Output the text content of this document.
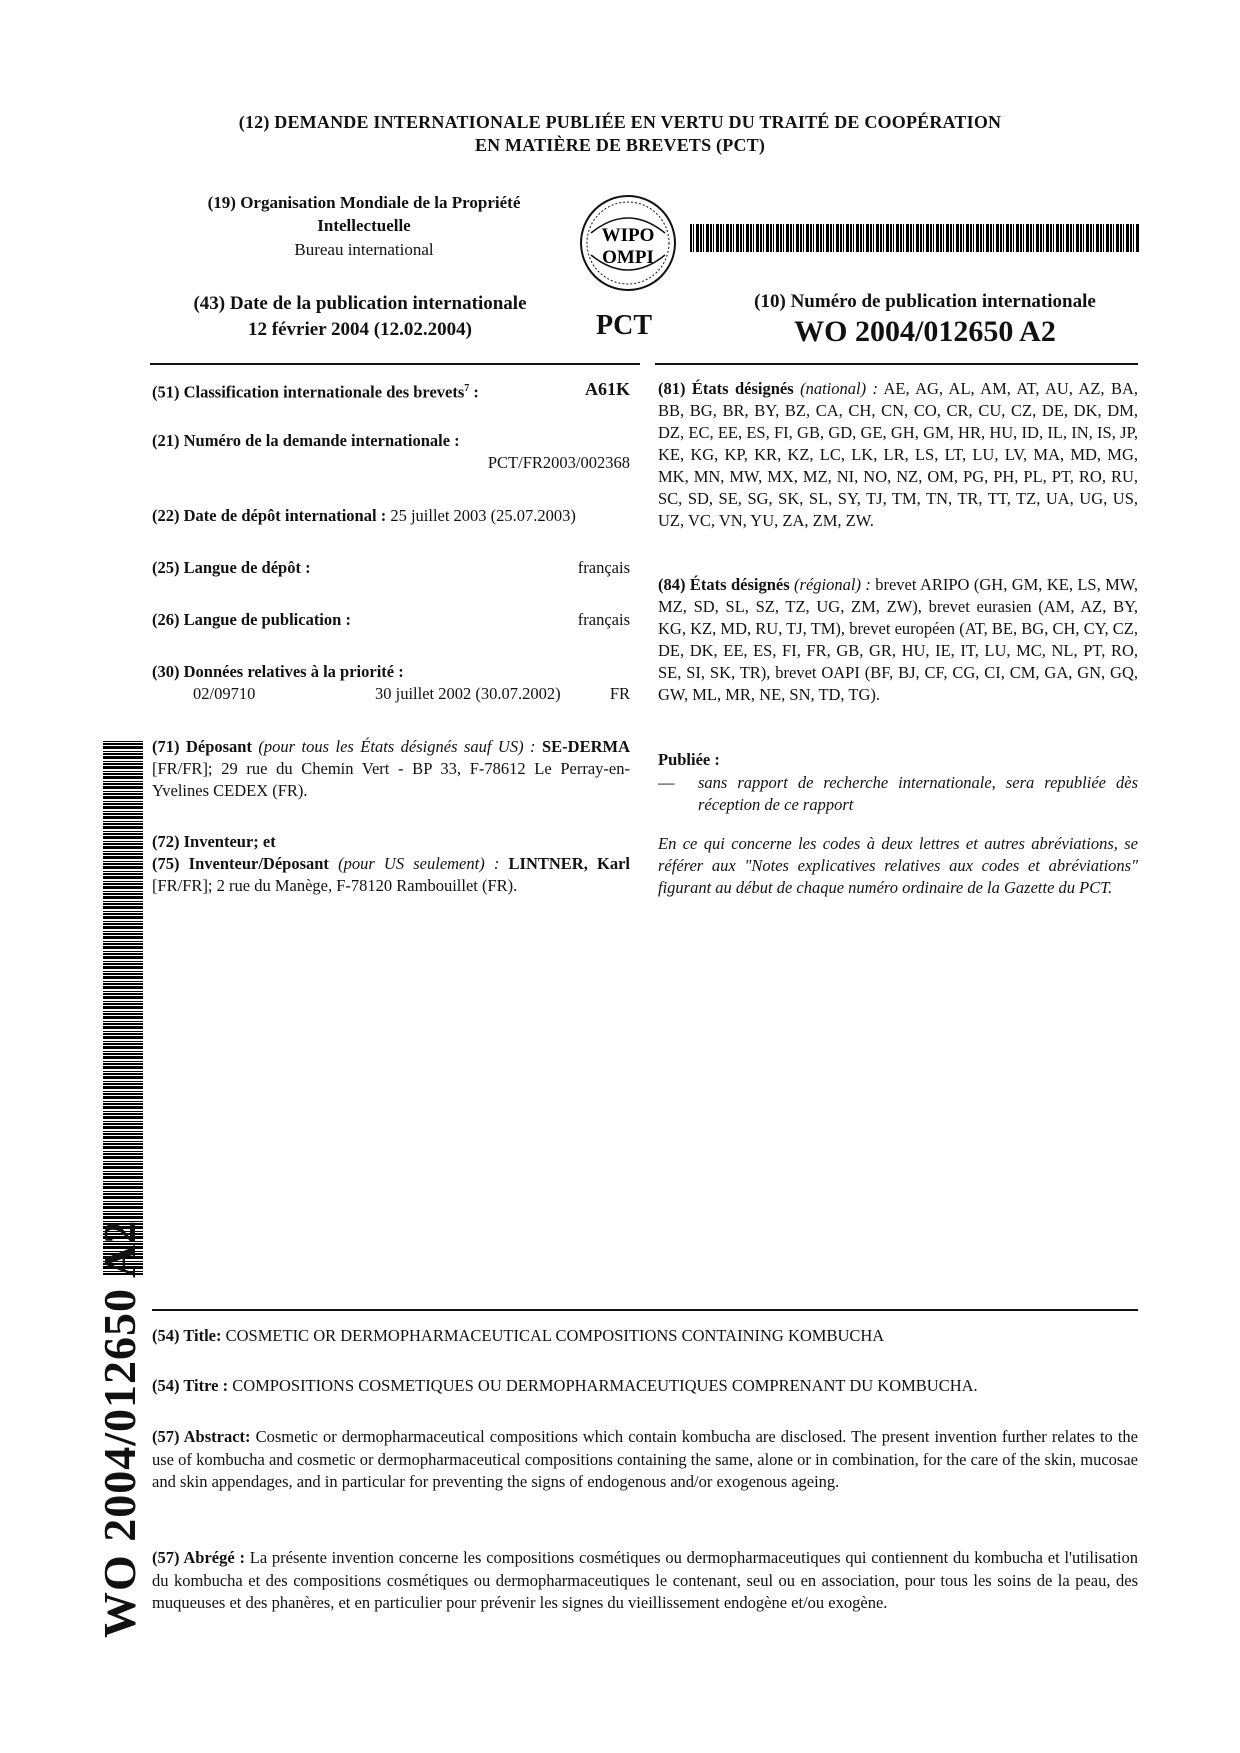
(12) DEMANDE INTERNATIONALE PUBLIÉE EN VERTU DU TRAITÉ DE COOPÉRATION
EN MATIÈRE DE BREVETS (PCT)
(19) Organisation Mondiale de la Propriété
Intellectuelle
Bureau international
WIPO
OMPI
(43) Date de la publication internationale
12 février 2004 (12.02.2004)	PCT
(10) Numéro de publication internationale
WO 2004/012650 A2
(51) Classification internationale des brevets$^7$ :	A61K
(21) Numéro de la demande internationale :
PCT/FR2003/002368
(22) Date de dépôt international : 25 juillet 2003 (25.07.2003)
(25) Langue de dépôt :	français
(26) Langue de publication :	français
(30) Données relatives à la priorité :
02/09710	30 juillet 2002 (30.07.2002)	FR
(71) Déposant (pour tous les États désignés sauf US) : SE-DERMA [FR/FR]; 29 rue du Chemin Vert - BP 33, F-78612 Le Perray-en-Yvelines CEDEX (FR).
(72) Inventeur; et
(75) Inventeur/Déposant (pour US seulement) : LINTNER, Karl [FR/FR]; 2 rue du Manège, F-78120 Rambouillet (FR).
(81) États désignés (national) : AE, AG, AL, AM, AT, AU, AZ, BA, BB, BG, BR, BY, BZ, CA, CH, CN, CO, CR, CU, CZ, DE, DK, DM, DZ, EC, EE, ES, FI, GB, GD, GE, GH, GM, HR, HU, ID, IL, IN, IS, JP, KE, KG, KP, KR, KZ, LC, LK, LR, LS, LT, LU, LV, MA, MD, MG, MK, MN, MW, MX, MZ, NI, NO, NZ, OM, PG, PH, PL, PT, RO, RU, SC, SD, SE, SG, SK, SL, SY, TJ, TM, TN, TR, TT, TZ, UA, UG, US, UZ, VC, VN, YU, ZA, ZM, ZW.
(84) États désignés (régional) : brevet ARIPO (GH, GM, KE, LS, MW, MZ, SD, SL, SZ, TZ, UG, ZM, ZW), brevet eurasien (AM, AZ, BY, KG, KZ, MD, RU, TJ, TM), brevet européen (AT, BE, BG, CH, CY, CZ, DE, DK, EE, ES, FI, FR, GB, GR, HU, IE, IT, LU, MC, NL, PT, RO, SE, SI, SK, TR), brevet OAPI (BF, BJ, CF, CG, CI, CM, GA, GN, GQ, GW, ML, MR, NE, SN, TD, TG).
Publiée :
—	sans rapport de recherche internationale, sera republiée dès réception de ce rapport
En ce qui concerne les codes à deux lettres et autres abréviations, se référer aux "Notes explicatives relatives aux codes et abréviations" figurant au début de chaque numéro ordinaire de la Gazette du PCT.
WO 2004/012650 A2 (54) Title: COSMETIC OR DERMOPHARMACEUTICAL COMPOSITIONS CONTAINING KOMBUCHA
(54) Titre : COMPOSITIONS COSMETIQUES OU DERMOPHARMACEUTIQUES COMPRENANT DU KOMBUCHA.
(57) Abstract: Cosmetic or dermopharmaceutical compositions which contain kombucha are disclosed. The present invention further relates to the use of kombucha and cosmetic or dermopharmaceutical compositions containing the same, alone or in combination, for the care of the skin, mucosae and skin appendages, and in particular for preventing the signs of endogenous and/or exogenous ageing.
(57) Abrégé : La présente invention concerne les compositions cosmétiques ou dermopharmaceutiques qui contiennent du kombucha et l'utilisation du kombucha et des compositions cosmétiques ou dermopharmaceutiques le contenant, seul ou en association, pour tous les soins de la peau, des muqueuses et des phanères, et en particulier pour prévenir les signes du vieillissement endogène et/ou exogène.
